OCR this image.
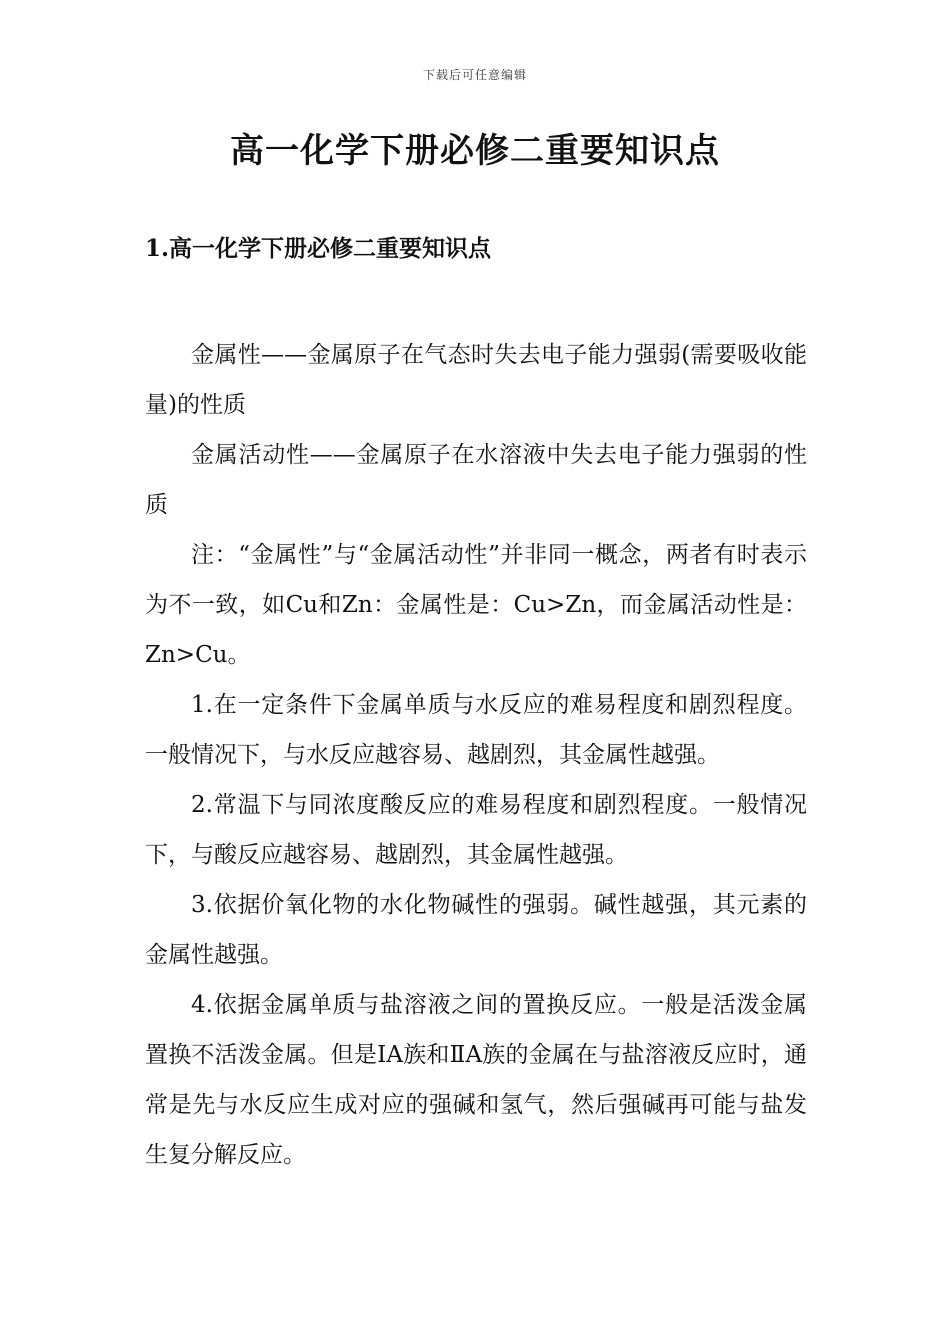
下载后可任意编辑
高一化学下册必修二重要知识点
1.高一化学下册必修二重要知识点

金属性——金属原子在气态时失去电子能力强弱(需要吸收能量)的性质

金属活动性——金属原子在水溶液中失去电子能力强弱的性质

注：“金属性”与“金属活动性”并非同一概念，两者有时表示为不一致，如Cu和Zn：金属性是：Cu>Zn，而金属活动性是：Zn>Cu。

1.在一定条件下金属单质与水反应的难易程度和剧烈程度。一般情况下，与水反应越容易、越剧烈，其金属性越强。

2.常温下与同浓度酸反应的难易程度和剧烈程度。一般情况下，与酸反应越容易、越剧烈，其金属性越强。

3.依据价氧化物的水化物碱性的强弱。碱性越强，其元素的金属性越强。

4.依据金属单质与盐溶液之间的置换反应。一般是活泼金属置换不活泼金属。但是ⅠA族和ⅡA族的金属在与盐溶液反应时，通常是先与水反应生成对应的强碱和氢气，然后强碱再可能与盐发生复分解反应。
